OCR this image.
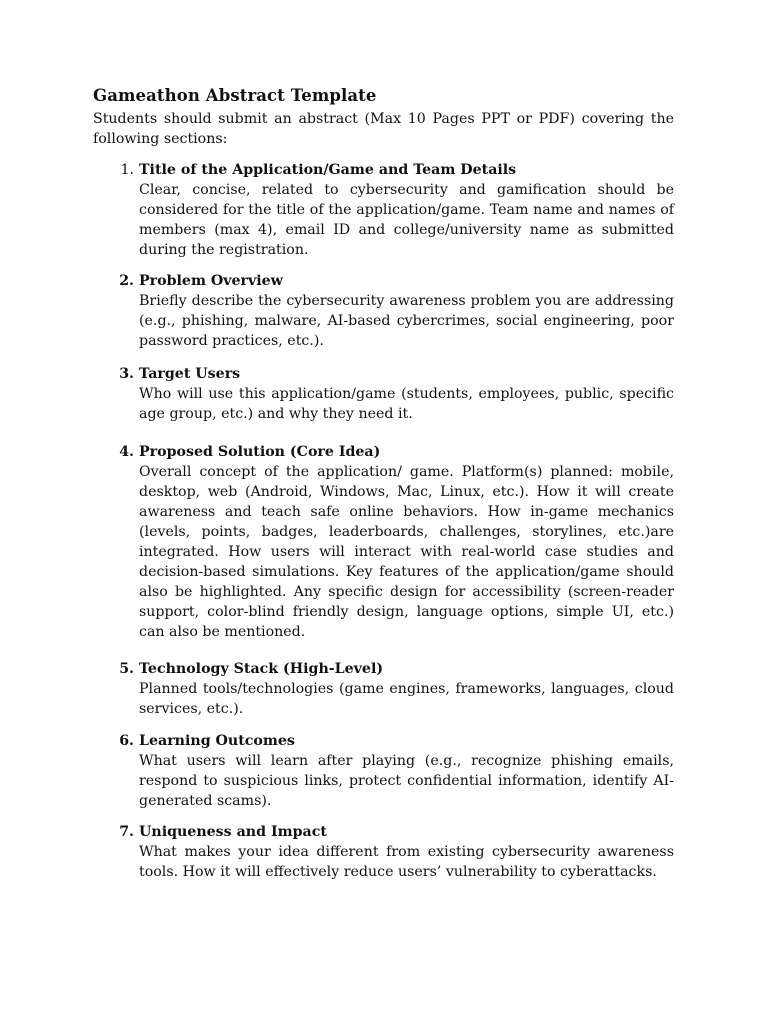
Gameathon Abstract Template
Students should submit an abstract (Max 10 Pages PPT or PDF) covering the following sections:
1. Title of the Application/Game and Team Details
Clear, concise, related to cybersecurity and gamification should be considered for the title of the application/game. Team name and names of members (max 4), email ID and college/university name as submitted during the registration.
2. Problem Overview
Briefly describe the cybersecurity awareness problem you are addressing (e.g., phishing, malware, AI-based cybercrimes, social engineering, poor password practices, etc.).
3. Target Users
Who will use this application/game (students, employees, public, specific age group, etc.) and why they need it.
4. Proposed Solution (Core Idea)
Overall concept of the application/ game. Platform(s) planned: mobile, desktop, web (Android, Windows, Mac, Linux, etc.). How it will create awareness and teach safe online behaviors. How in-game mechanics (levels, points, badges, leaderboards, challenges, storylines, etc.)are integrated. How users will interact with real-world case studies and decision-based simulations. Key features of the application/game should also be highlighted. Any specific design for accessibility (screen-reader support, color-blind friendly design, language options, simple UI, etc.) can also be mentioned.
5. Technology Stack (High-Level)
Planned tools/technologies (game engines, frameworks, languages, cloud services, etc.).
6. Learning Outcomes
What users will learn after playing (e.g., recognize phishing emails, respond to suspicious links, protect confidential information, identify AI-generated scams).
7. Uniqueness and Impact
What makes your idea different from existing cybersecurity awareness tools. How it will effectively reduce users’ vulnerability to cyberattacks.
